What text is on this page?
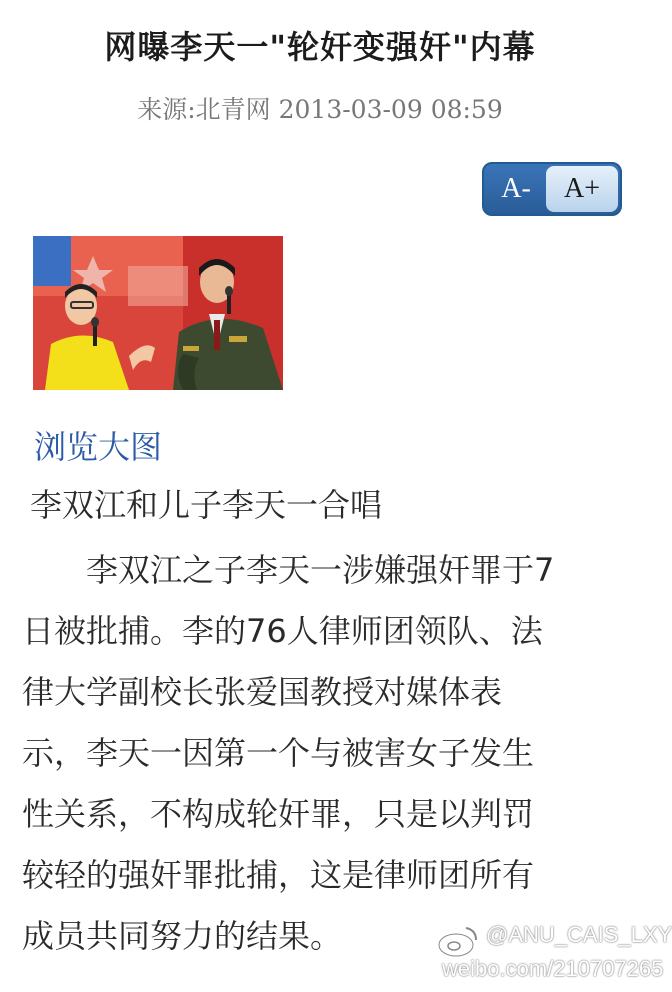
网曝李天一"轮奸变强奸"内幕
来源:北青网 2013-03-09 08:59
A-	A+
浏览大图
李双江和儿子李天一合唱
　　李双江之子李天一涉嫌强奸罪于7
日被批捕。李的76人律师团领队、法
律大学副校长张爱国教授对媒体表
示，李天一因第一个与被害女子发生
性关系，不构成轮奸罪，只是以判罚
较轻的强奸罪批捕，这是律师团所有
成员共同努力的结果。	@ANU_CAIS_LXY
weibo.com/210707265
